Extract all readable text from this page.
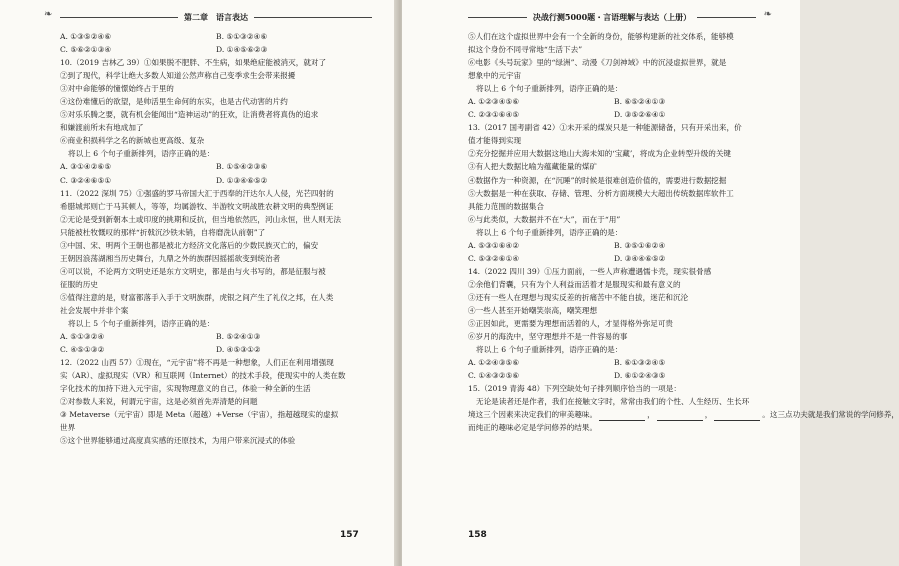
❧	第二章　语言表达
A. ①③⑤②④⑥	B. ⑤①③②④⑥
C. ⑤⑥②①③④	D. ①④⑤⑥②③
10.（2019 吉林乙 39）①如果脱不肥胖、不生病，如果绝症能被消灭，就对了
②到了现代，科学让绝大多数人知道公然声称自己变季求生会带来报擾
③对中命能够的憧憬始终占于里的
④这份难懂后的欲望，是帅活里生命何的东实，也是古代动害的片约
⑤对乐乐腾之要，就有机会能闻出“造神运动”的狂欢，让消费者将真伪的追求
和嫌渡前所未有地成加了
⑥商业积损科学之名的新城也更高级、复杂
将以上 6 个句子重新排列，语序正确的是：
A. ③①④②⑥⑤	B. ①⑤④②③⑥
C. ③②④⑥⑤①	D. ①③④⑥⑤②
11.（2022 深圳 75）①强盛的罗马帝国大汇于西奉的汗达尔人人侵，光芒四射的
希腊城邦则亡于马其顿人，等等，均属游牧、半游牧文明战胜农耕文明的典型例证
②无论是受到新朝本土或印度的挑期和反抗，但当地依然匹，河山永恒，世人则无法
只能被杜牧慨叹的那样“折戟沉沙铁未销，自将磨洗认前朝”了
③中国、宋、明两个王朝也都是被北方经济文化落后的少数民族灭亡的，偏安
王朝因浪荡湖湘当历史舞台，九鼎之外的族群因摇摇欲变到统治者
④可以说，不论两方文明史还是东方文明史，都是由与火书写的，都是征服与被
征服的历史
⑤值得注意的是，财富都落手入手于文明族群，虎银之间产生了礼仪之邦，在人类
社会发展中并非个案
将以上 5 个句子重新排列，语序正确的是：
A. ⑤①③②④	B. ⑤②④①③
C. ④⑤①③②	D. ④⑤③①②
12.（2022 山西 57）①现在，“元宇宙”将不再是一种想象，人们正在利用增强现
实（AR）、虚拟现实（VR）和互联网（Internet）的技术手段，使现实中的人类在数
字化技术的加持下进入元宇宙，实现物理意义的自己，体验一种全新的生活
②对参数人来说，何谓元宇宙，这是必须首先弄清楚的问题
③ Metaverse（元宇宙）即是 Meta（超越）+Verse（宇宙），指超越现实的虚拟
世界
⑤这个世界能够通过高度真实感的还原技术，为用户带来沉浸式的体验
157
❧
决战行测5000题・言语理解与表达（上册）
⑤人们在这个虚拟世界中会有一个全新的身份，能够构建新的社交体系，能够模
拟这个身份不同寻常地“生活下去”
⑥电影《头号玩家》里的“绿洲”、动漫《刀剑神域》中的沉浸虚拟世界，就是
想象中的元宇宙
将以上 6 个句子重新排列，语序正确的是：
A. ①②③④⑤⑥	B. ⑥⑤②④①③
C. ②③①⑥④⑤	D. ③⑤②⑥④①
13.（2017 国考副省 42）①未开采的煤炭只是一种能源储备，只有开采出来，价
值才能得到实现
②充分挖掘并应用大数据这地山大海未知的‘宝藏’，将成为企业转型升级的关键
③有人把大数据比喻为蕴藏能量的煤矿
④数据作为一种资源，在“沉睡”的时候是很难创造价值的，需要进行数据挖掘
⑤大数据是一种在获取、存储、管理、分析方面规模大大超出传统数据库软件工
具能力范围的数据集合
⑥与此类似，大数据并不在“大”，而在于“用”
将以上 6 个句子重新排列，语序正确的是：
A. ⑤③①⑥④②	B. ③⑤①⑥②④
C. ⑤③②⑥①④	D. ③④④⑥⑤②
14.（2022 四川 39）①压力面前，一些人声称遭遇懦卡壳，现实很骨感
②余他们背囊，只有为个人利益而活着才是服现实和最有意义的
③还有一些人在理想与现实反差的折痛苦中不能自拔，迷茫和沉沦
④一些人甚至开始嘲笑崇高，嘲笑理想
⑤正因如此，更需要为理想而活着的人，才显得格外弥足可贵
⑥岁月的海洗中，坚守理想并不是一件容易的事
将以上 6 个句子重新排列，语序正确的是：
A. ①②④③⑤⑥	B. ⑥①③②④⑤
C. ①④③②⑤⑥	D. ⑥①②④③⑤
15.（2019 青海 48）下列空缺处句子排列顺序恰当的一项是：
无论是读者还是作者，我们在接触文字时，常常由我们的个性、人生经历、生长环
境这三个因素来决定我们的审美趣味。	，	，	。这三点功夫就是我们常说的学问修养，
而纯正的趣味必定是学问修养的结果。
158
